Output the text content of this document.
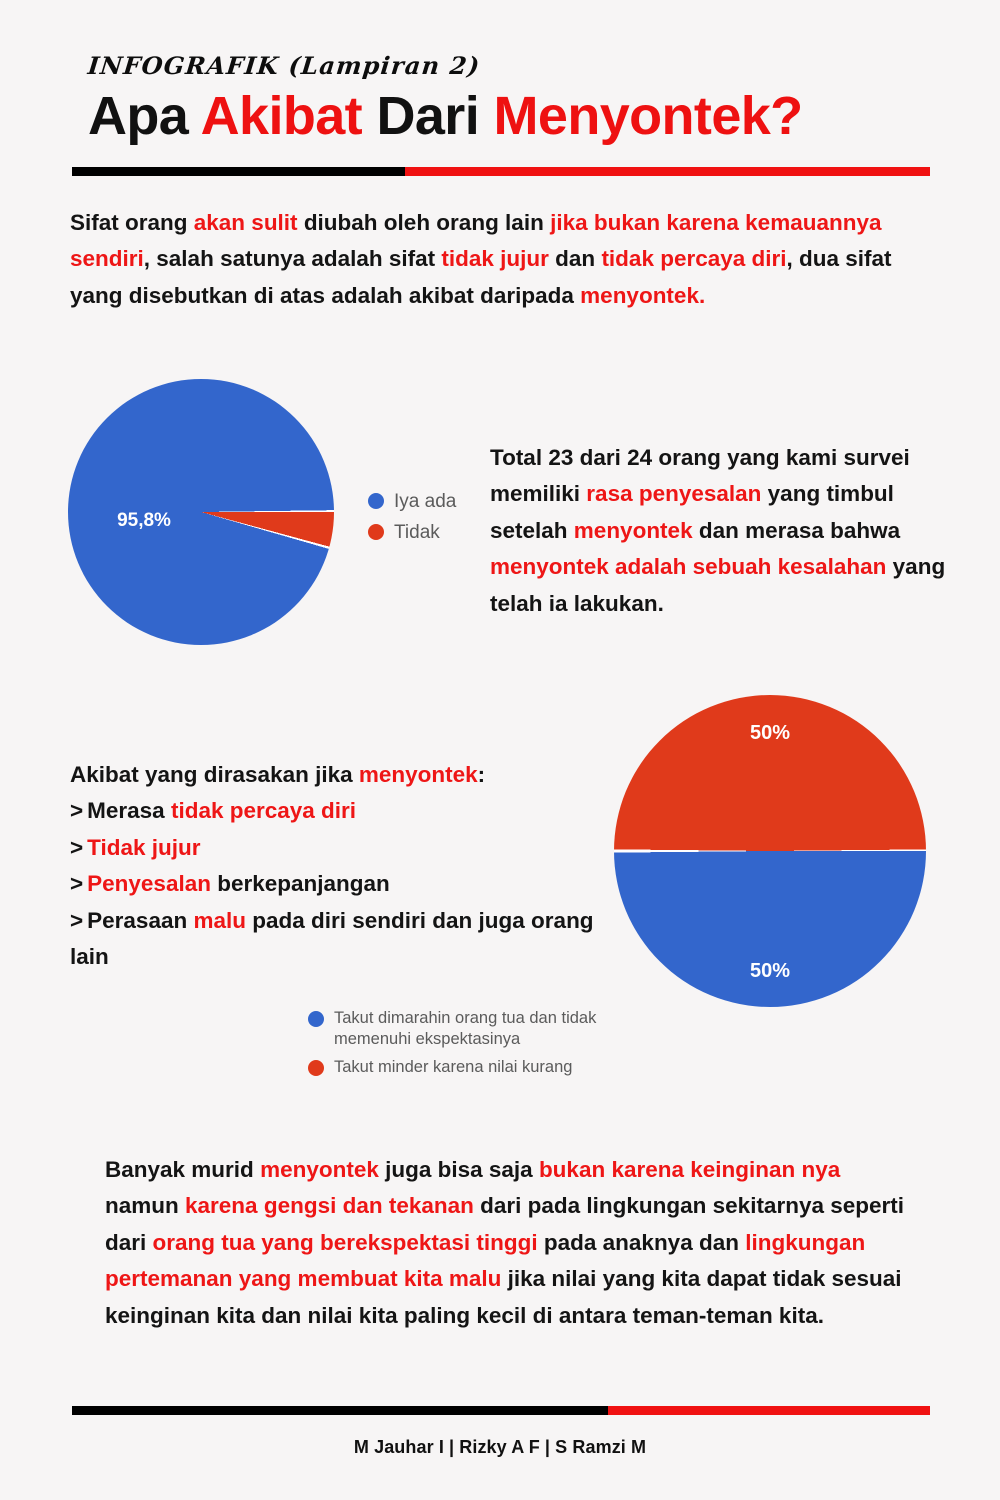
INFOGRAFIK (Lampiran 2)
Apa Akibat Dari Menyontek?

Sifat orang akan sulit diubah oleh orang lain jika bukan karena kemauannya sendiri, salah satunya adalah sifat tidak jujur dan tidak percaya diri, dua sifat yang disebutkan di atas adalah akibat daripada menyontek.

95,8%
Iya ada
Tidak

Total 23 dari 24 orang yang kami survei memiliki rasa penyesalan yang timbul setelah menyontek dan merasa bahwa menyontek adalah sebuah kesalahan yang telah ia lakukan.

Akibat yang dirasakan jika menyontek:
> Merasa tidak percaya diri
> Tidak jujur
> Penyesalan berkepanjangan
> Perasaan malu pada diri sendiri dan juga orang lain
50%
50%
Takut dimarahin orang tua dan tidak memenuhi ekspektasinya
Takut minder karena nilai kurang

Banyak murid menyontek juga bisa saja bukan karena keinginan nya namun karena gengsi dan tekanan dari pada lingkungan sekitarnya seperti dari orang tua yang berekspektasi tinggi pada anaknya dan lingkungan pertemanan yang membuat kita malu jika nilai yang kita dapat tidak sesuai keinginan kita dan nilai kita paling kecil di antara teman-teman kita.

M Jauhar I | Rizky A F | S Ramzi M
